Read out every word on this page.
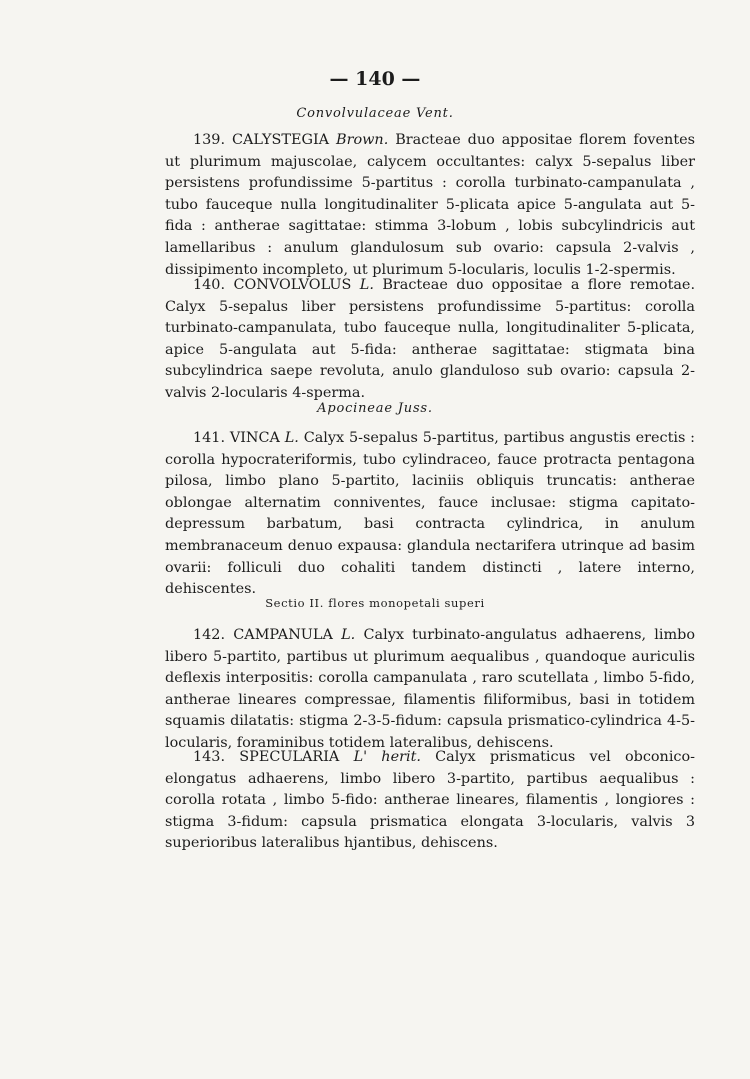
— 140 —
Convolvulaceae Vent.

139. CALYSTEGIA Brown. Bracteae duo appositae florem foventes ut plurimum majuscolae, calycem occultantes: calyx 5-sepalus liber persistens profundissime 5-partitus : corolla turbinato-campanulata , tubo fauceque nulla longitudinaliter 5-plicata apice 5-angulata aut 5-fida : antherae sagittatae: stimma 3-lobum , lobis subcylindricis aut lamellaribus : anulum glandulosum sub ovario: capsula 2-valvis , dissipimento incompleto, ut plurimum 5-locularis, loculis 1-2-spermis.

140. CONVOLVOLUS L. Bracteae duo oppositae a flore remotae. Calyx 5-sepalus liber persistens profundissime 5-partitus: corolla turbinato-campanulata, tubo fauceque nulla, longitudinaliter 5-plicata, apice 5-angulata aut 5-fida: antherae sagittatae: stigmata bina subcylindrica saepe revoluta, anulo glanduloso sub ovario: capsula 2-valvis 2-locularis 4-sperma.

Apocineae Juss.

141. VINCA L. Calyx 5-sepalus 5-partitus, partibus angustis erectis : corolla hypocrateriformis, tubo cylindraceo, fauce protracta pentagona pilosa, limbo plano 5-partito, laciniis obliquis truncatis: antherae oblongae alternatim conniventes, fauce inclusae: stigma capitato-depressum barbatum, basi contracta cylindrica, in anulum membranaceum denuo expausa: glandula nectarifera utrinque ad basim ovarii: folliculi duo cohaliti tandem distincti , latere interno, dehiscentes.

Sectio II. flores monopetali superi

142. CAMPANULA L. Calyx turbinato-angulatus adhaerens, limbo libero 5-partito, partibus ut plurimum aequalibus , quandoque auriculis deflexis interpositis: corolla campanulata , raro scutellata , limbo 5-fido, antherae lineares compressae, filamentis filiformibus, basi in totidem squamis dilatatis: stigma 2-3-5-fidum: capsula prismatico-cylindrica 4-5-locularis, foraminibus totidem lateralibus, dehiscens.

143. SPECULARIA L' herit. Calyx prismaticus vel obconico-elongatus adhaerens, limbo libero 3-partito, partibus aequalibus : corolla rotata , limbo 5-fido: antherae lineares, filamentis , longiores : stigma 3-fidum: capsula prismatica elongata 3-locularis, valvis 3 superioribus lateralibus hjantibus, dehiscens.
